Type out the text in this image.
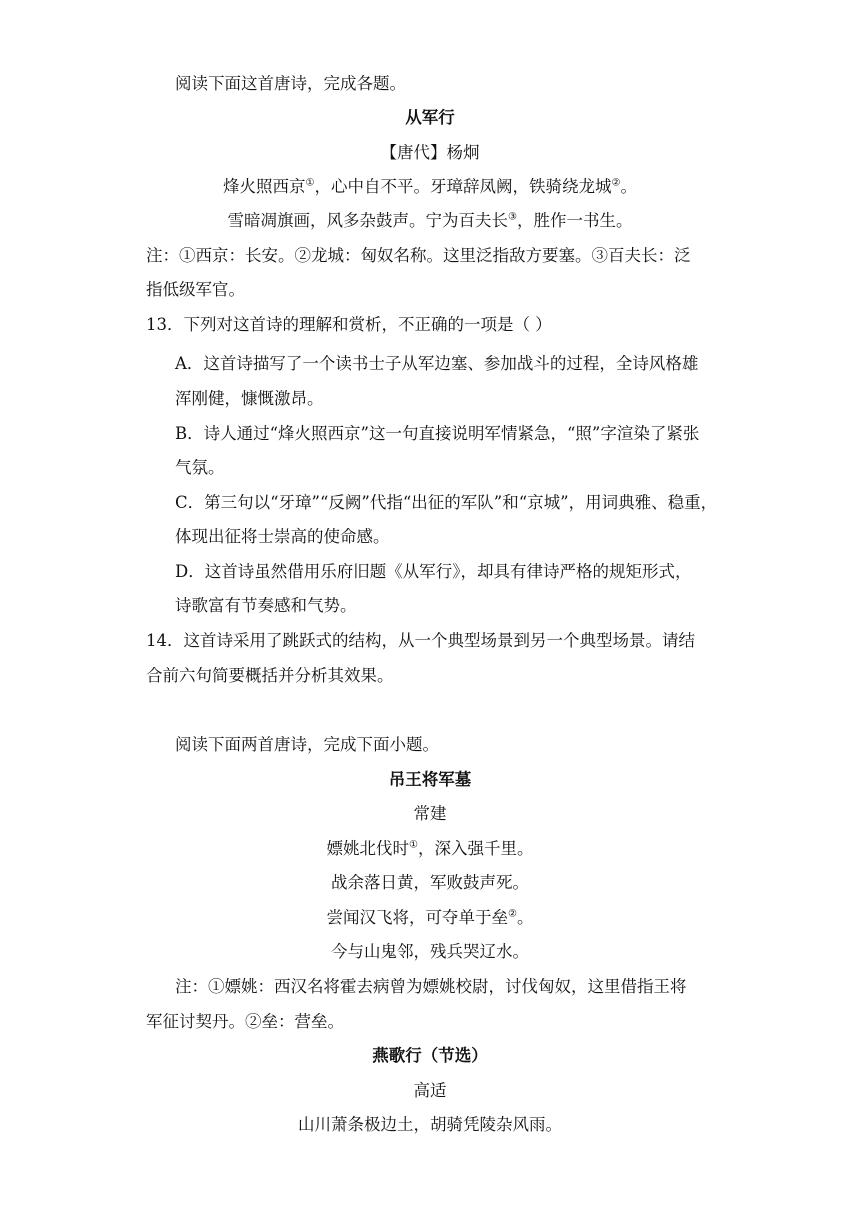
阅读下面这首唐诗，完成各题。
从军行
【唐代】杨炯
烽火照西京①，心中自不平。牙璋辞凤阙，铁骑绕龙城②。
雪暗凋旗画，风多杂鼓声。宁为百夫长③，胜作一书生。
注：①西京：长安。②龙城：匈奴名称。这里泛指敌方要塞。③百夫长：泛
指低级军官。
13．下列对这首诗的理解和赏析，不正确的一项是（ ）
A．这首诗描写了一个读书士子从军边塞、参加战斗的过程，全诗风格雄
浑刚健，慷慨激昂。
B．诗人通过“烽火照西京”这一句直接说明军情紧急，“照”字渲染了紧张
气氛。
C．第三句以“牙璋”“反阙”代指“出征的军队”和“京城”，用词典雅、稳重，
体现出征将士崇高的使命感。
D．这首诗虽然借用乐府旧题《从军行》，却具有律诗严格的规矩形式，
诗歌富有节奏感和气势。
14．这首诗采用了跳跃式的结构，从一个典型场景到另一个典型场景。请结
合前六句简要概括并分析其效果。
阅读下面两首唐诗，完成下面小题。
吊王将军墓
常建
嫖姚北伐时①，深入强千里。
战余落日黄，军败鼓声死。
尝闻汉飞将，可夺单于垒②。
今与山鬼邻，残兵哭辽水。
注：①嫖姚：西汉名将霍去病曾为嫖姚校尉，讨伐匈奴，这里借指王将
军征讨契丹。②垒：营垒。
燕歌行（节选）
高适
山川萧条极边土，胡骑凭陵杂风雨。
